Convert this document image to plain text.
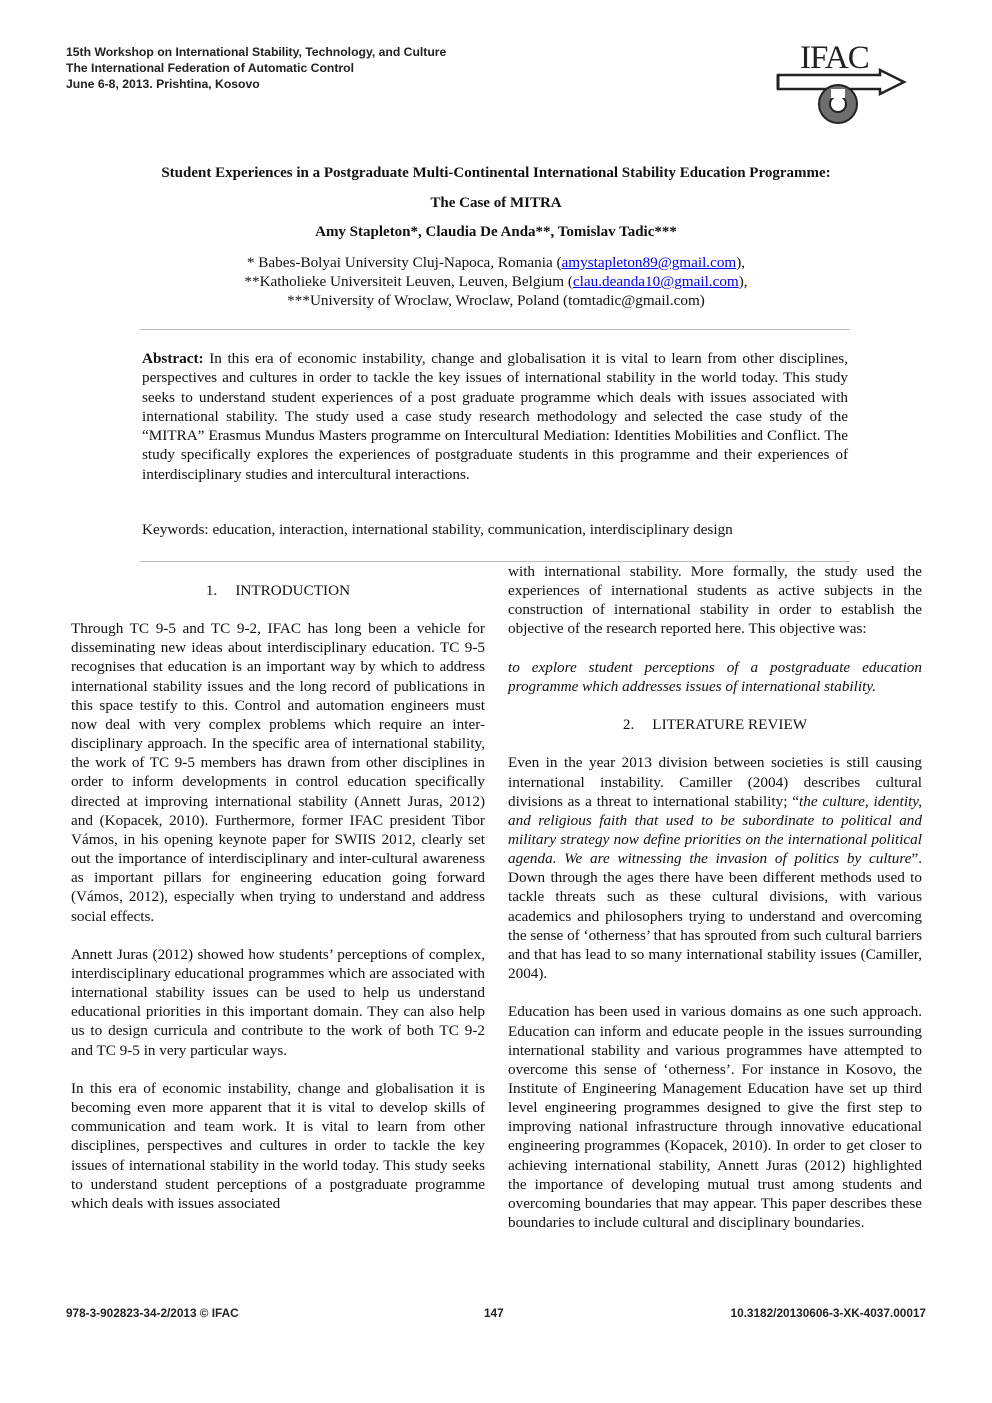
15th Workshop on International Stability, Technology, and Culture
The International Federation of Automatic Control
June 6-8, 2013. Prishtina, Kosovo
IFAC
Student Experiences in a Postgraduate Multi-Continental International Stability Education Programme:
The Case of MITRA
Amy Stapleton*, Claudia De Anda**, Tomislav Tadic***
* Babes-Bolyai University Cluj-Napoca, Romania (amystapleton89@gmail.com),
**Katholieke Universiteit Leuven, Leuven, Belgium (clau.deanda10@gmail.com),
***University of Wroclaw, Wroclaw, Poland (tomtadic@gmail.com)
Abstract: In this era of economic instability, change and globalisation it is vital to learn from other disciplines, perspectives and cultures in order to tackle the key issues of international stability in the world today. This study seeks to understand student experiences of a post graduate programme which deals with issues associated with international stability. The study used a case study research methodology and selected the case study of the “MITRA” Erasmus Mundus Masters programme on Intercultural Mediation: Identities Mobilities and Conflict. The study specifically explores the experiences of postgraduate students in this programme and their experiences of interdisciplinary studies and intercultural interactions.
Keywords: education, interaction, international stability, communication, interdisciplinary design
1. INTRODUCTION

Through TC 9-5 and TC 9-2, IFAC has long been a vehicle for disseminating new ideas about interdisciplinary education. TC 9-5 recognises that education is an important way by which to address international stability issues and the long record of publications in this space testify to this. Control and automation engineers must now deal with very complex problems which require an inter-disciplinary approach. In the specific area of international stability, the work of TC 9-5 members has drawn from other disciplines in order to inform developments in control education specifically directed at improving international stability (Annett Juras, 2012) and (Kopacek, 2010). Furthermore, former IFAC president Tibor Vámos, in his opening keynote paper for SWIIS 2012, clearly set out the importance of interdisciplinary and inter-cultural awareness as important pillars for engineering education going forward (Vámos, 2012), especially when trying to understand and address social effects.

Annett Juras (2012) showed how students’ perceptions of complex, interdisciplinary educational programmes which are associated with international stability issues can be used to help us understand educational priorities in this important domain. They can also help us to design curricula and contribute to the work of both TC 9-2 and TC 9-5 in very particular ways.

In this era of economic instability, change and globalisation it is becoming even more apparent that it is vital to develop skills of communication and team work. It is vital to learn from other disciplines, perspectives and cultures in order to tackle the key issues of international stability in the world today. This study seeks to understand student perceptions of a postgraduate programme which deals with issues associated

with international stability. More formally, the study used the experiences of international students as active subjects in the construction of international stability in order to establish the objective of the research reported here. This objective was:

to explore student perceptions of a postgraduate education programme which addresses issues of international stability.

2. LITERATURE REVIEW

Even in the year 2013 division between societies is still causing international instability. Camiller (2004) describes cultural divisions as a threat to international stability; “the culture, identity, and religious faith that used to be subordinate to political and military strategy now define priorities on the international political agenda. We are witnessing the invasion of politics by culture”. Down through the ages there have been different methods used to tackle threats such as these cultural divisions, with various academics and philosophers trying to understand and overcoming the sense of ‘otherness’ that has sprouted from such cultural barriers and that has lead to so many international stability issues (Camiller, 2004).

Education has been used in various domains as one such approach. Education can inform and educate people in the issues surrounding international stability and various programmes have attempted to overcome this sense of ‘otherness’. For instance in Kosovo, the Institute of Engineering Management Education have set up third level engineering programmes designed to give the first step to improving national infrastructure through innovative educational engineering programmes (Kopacek, 2010). In order to get closer to achieving international stability, Annett Juras (2012) highlighted the importance of developing mutual trust among students and overcoming boundaries that may appear. This paper describes these boundaries to include cultural and disciplinary boundaries.

978-3-902823-34-2/2013 © IFAC	147	10.3182/20130606-3-XK-4037.00017
